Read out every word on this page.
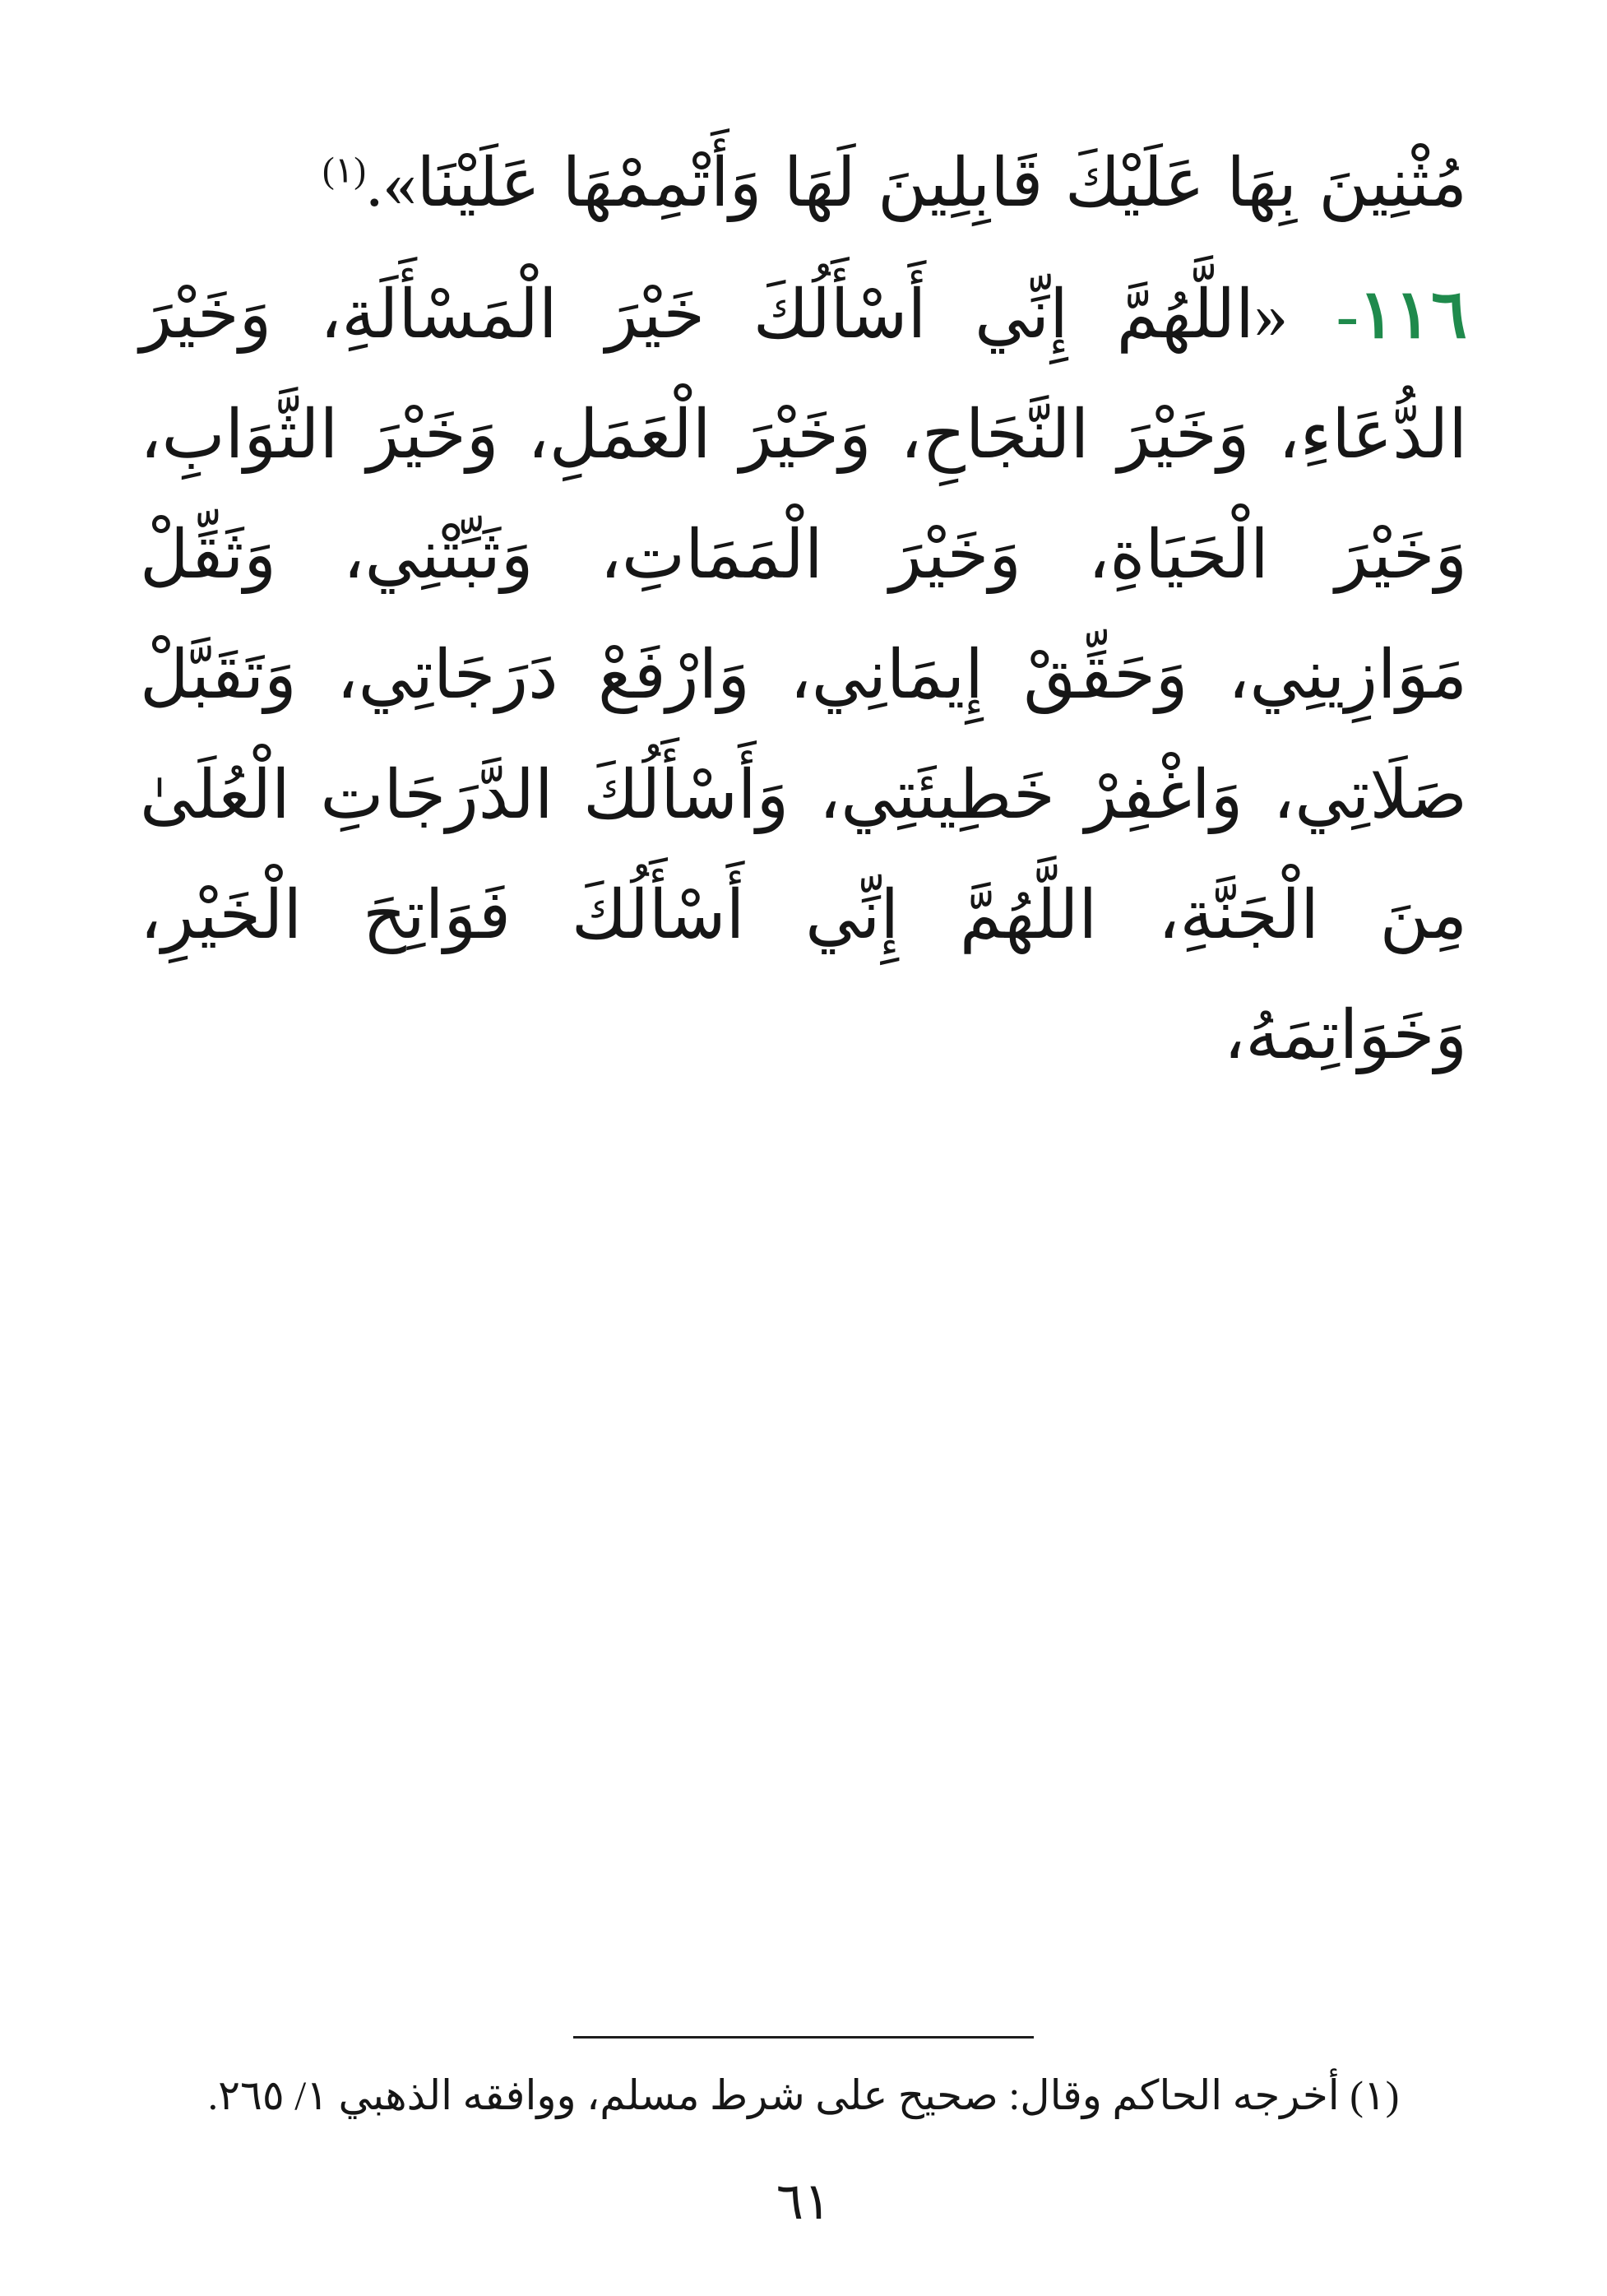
مُثْنِينَ بِهَا عَلَيْكَ قَابِلِينَ لَهَا وَأَتْمِمْهَا عَلَيْنَا».$^{(١)}$

١١٦- «اللَّهُمَّ إِنِّي أَسْأَلُكَ خَيْرَ الْمَسْأَلَةِ، وَخَيْرَ الدُّعَاءِ، وَخَيْرَ النَّجَاحِ، وَخَيْرَ الْعَمَلِ، وَخَيْرَ الثَّوَابِ، وَخَيْرَ الْحَيَاةِ، وَخَيْرَ الْمَمَاتِ، وَثَبِّتْنِي، وَثَقِّلْ مَوَازِينِي، وَحَقِّقْ إِيمَانِي، وَارْفَعْ دَرَجَاتِي، وَتَقَبَّلْ صَلَاتِي، وَاغْفِرْ خَطِيئَتِي، وَأَسْأَلُكَ الدَّرَجَاتِ الْعُلَىٰ مِنَ الْجَنَّةِ، اللَّهُمَّ إِنِّي أَسْأَلُكَ فَوَاتِحَ الْخَيْرِ، وَخَوَاتِمَهُ،

(١) أخرجه الحاكم وقال: صحيح على شرط مسلم، ووافقه الذهبي ١/ ٢٦٥.
٦١
